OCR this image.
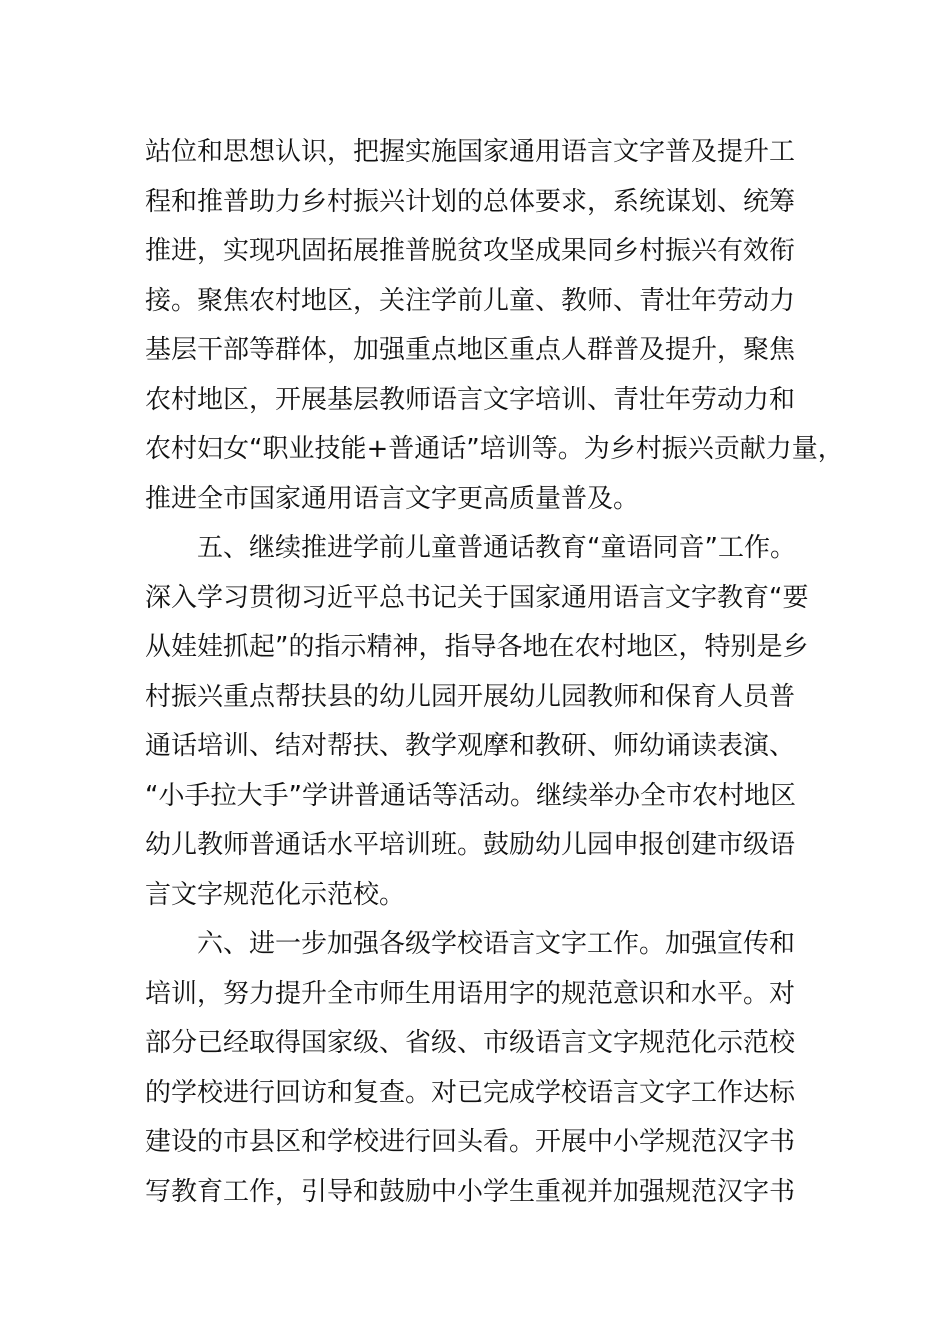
站位和思想认识，把握实施国家通用语言文字普及提升工
程和推普助力乡村振兴计划的总体要求，系统谋划、统筹
推进，实现巩固拓展推普脱贫攻坚成果同乡村振兴有效衔
接。聚焦农村地区，关注学前儿童、教师、青壮年劳动力
基层干部等群体，加强重点地区重点人群普及提升，聚焦
农村地区，开展基层教师语言文字培训、青壮年劳动力和
农村妇女“职业技能+普通话”培训等。为乡村振兴贡献力量，
推进全市国家通用语言文字更高质量普及。
五、继续推进学前儿童普通话教育“童语同音”工作。
深入学习贯彻习近平总书记关于国家通用语言文字教育“要
从娃娃抓起”的指示精神，指导各地在农村地区，特别是乡
村振兴重点帮扶县的幼儿园开展幼儿园教师和保育人员普
通话培训、结对帮扶、教学观摩和教研、师幼诵读表演、
“小手拉大手”学讲普通话等活动。继续举办全市农村地区
幼儿教师普通话水平培训班。鼓励幼儿园申报创建市级语
言文字规范化示范校。
六、进一步加强各级学校语言文字工作。加强宣传和
培训，努力提升全市师生用语用字的规范意识和水平。对
部分已经取得国家级、省级、市级语言文字规范化示范校
的学校进行回访和复查。对已完成学校语言文字工作达标
建设的市县区和学校进行回头看。开展中小学规范汉字书
写教育工作，引导和鼓励中小学生重视并加强规范汉字书
